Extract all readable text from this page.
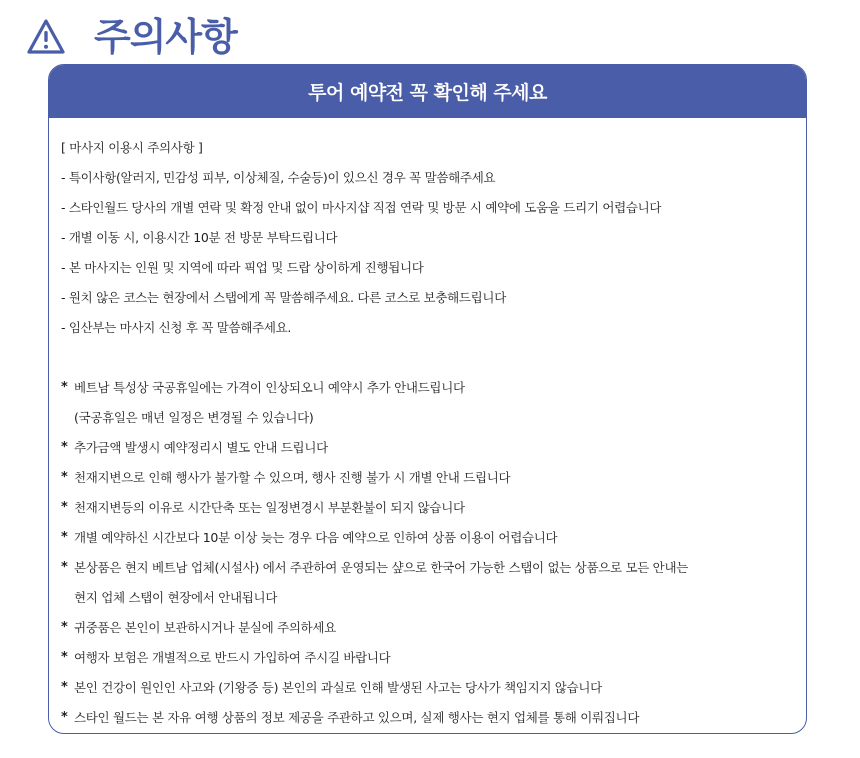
주의사항
투어 예약전 꼭 확인해 주세요
[ 마사지 이용시 주의사항 ]
- 특이사항(알러지, 민감성 피부, 이상체질, 수술등)이 있으신 경우 꼭 말씀해주세요
- 스타인월드 당사의 개별 연락 및 확정 안내 없이 마사지샵 직접 연락 및 방문 시 예약에 도움을 드리기 어렵습니다
- 개별 이동 시, 이용시간 10분 전 방문 부탁드립니다
- 본 마사지는 인원 및 지역에 따라 픽업 및 드랍 상이하게 진행됩니다
- 원치 않은 코스는 현장에서 스탭에게 꼭 말씀해주세요. 다른 코스로 보충해드립니다
- 임산부는 마사지 신청 후 꼭 말씀해주세요.
* 베트남 특성상 국공휴일에는 가격이 인상되오니 예약시 추가 안내드립니다
(국공휴일은 매년 일정은 변경될 수 있습니다)
* 추가금액 발생시 예약정리시 별도 안내 드립니다
* 천재지변으로 인해 행사가 불가할 수 있으며, 행사 진행 불가 시 개별 안내 드립니다
* 천재지변등의 이유로 시간단축 또는 일정변경시 부분환불이 되지 않습니다
* 개별 예약하신 시간보다 10분 이상 늦는 경우 다음 예약으로 인하여 상품 이용이 어렵습니다
* 본상품은 현지 베트남 업체(시설사) 에서 주관하여 운영되는 샾으로 한국어 가능한 스탭이 없는 상품으로 모든 안내는
현지 업체 스탭이 현장에서 안내됩니다
* 귀중품은 본인이 보관하시거나 분실에 주의하세요
* 여행자 보험은 개별적으로 반드시 가입하여 주시길 바랍니다
* 본인 건강이 원인인 사고와 (기왕증 등) 본인의 과실로 인해 발생된 사고는 당사가 책임지지 않습니다
* 스타인 월드는 본 자유 여행 상품의 정보 제공을 주관하고 있으며, 실제 행사는 현지 업체를 통해 이뤄집니다
